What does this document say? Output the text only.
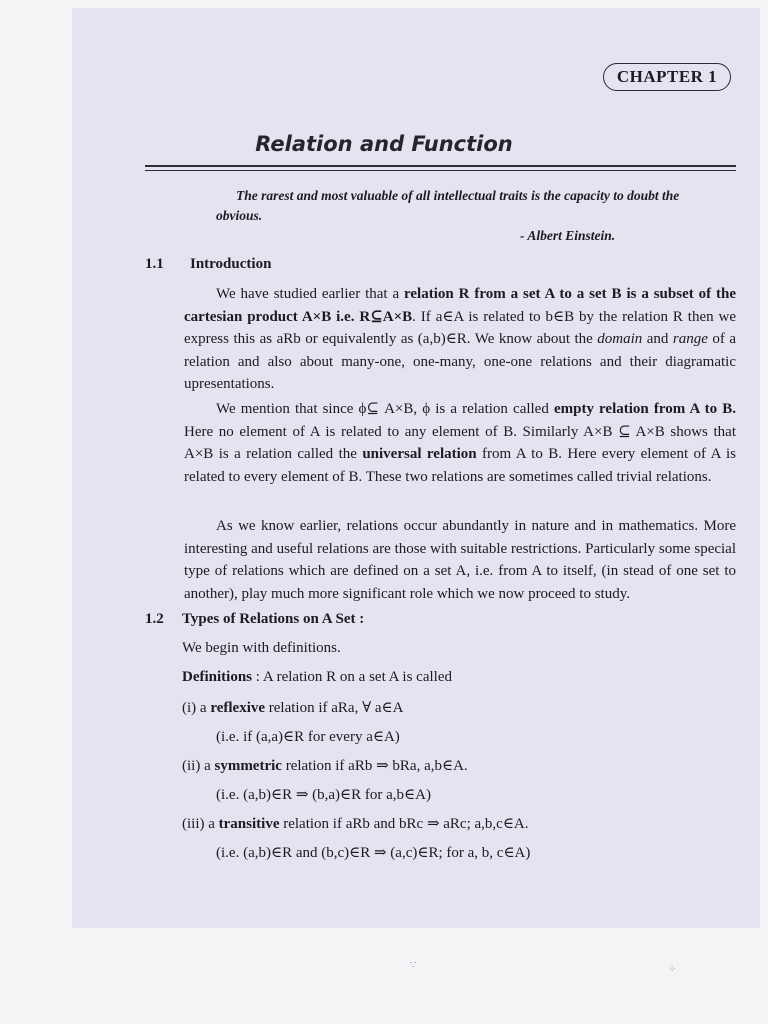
CHAPTER 1
Relation and Function
The rarest and most valuable of all intellectual traits is the capacity to doubt the obvious.
- Albert Einstein.
1.1 Introduction
We have studied earlier that a relation R from a set A to a set B is a subset of the cartesian product A×B i.e. R⊆A×B. If a∈A is related to b∈B by the relation R then we express this as aRb or equivalently as (a,b)∈R. We know about the domain and range of a relation and also about many-one, one-many, one-one relations and their diagramatic upresentations.
We mention that since ϕ⊆ A×B, ϕ is a relation called empty relation from A to B. Here no element of A is related to any element of B. Similarly A×B ⊆ A×B shows that A×B is a relation called the universal relation from A to B. Here every element of A is related to every element of B. These two relations are sometimes called trivial relations.
As we know earlier, relations occur abundantly in nature and in mathematics. More interesting and useful relations are those with suitable restrictions. Particularly some special type of relations which are defined on a set A, i.e. from A to itself, (in stead of one set to another), play much more significant role which we now proceed to study.
1.2 Types of Relations on A Set :
We begin with definitions.
Definitions : A relation R on a set A is called
(i) a reflexive relation if aRa, ∀ a∈A
(i.e. if (a,a)∈R for every a∈A)
(ii) a symmetric relation if aRb ⇒ bRa, a,b∈A.
(i.e. (a,b)∈R ⇒ (b,a)∈R for a,b∈A)
(iii) a transitive relation if aRb and bRc ⇒ aRc; a,b,c∈A.
(i.e. (a,b)∈R and (b,c)∈R ⇒ (a,c)∈R; for a, b, c∈A)
∵	⁘
